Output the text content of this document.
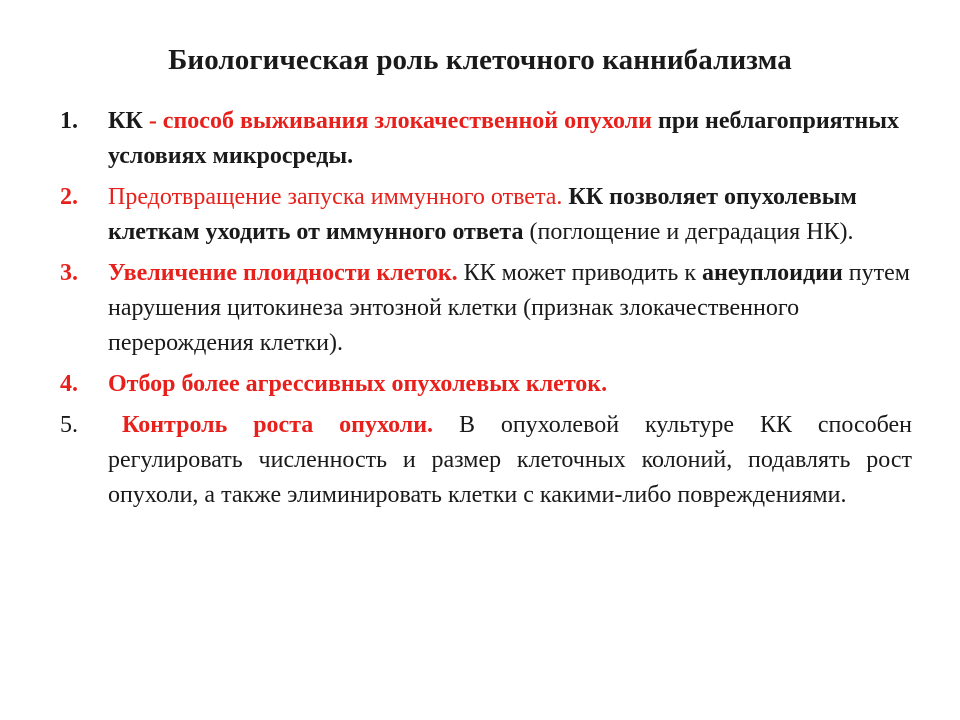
Биологическая роль клеточного каннибализма
1.	КК - способ выживания злокачественной опухоли при неблагоприятных условиях микросреды.
2.	Предотвращение запуска иммунного ответа. КК позволяет опухолевым клеткам уходить от иммунного ответа (поглощение и деградация НК).
3.	Увеличение плоидности клеток. КК может приводить к анеуплоидии путем нарушения цитокинеза энтозной клетки (признак злокачественного перерождения клетки).
4.	Отбор более агрессивных опухолевых клеток.
5.	Контроль роста опухоли. В опухолевой культуре КК способен регулировать численность и размер клеточных колоний, подавлять рост опухоли, а также элиминировать клетки с какими-либо повреждениями.
